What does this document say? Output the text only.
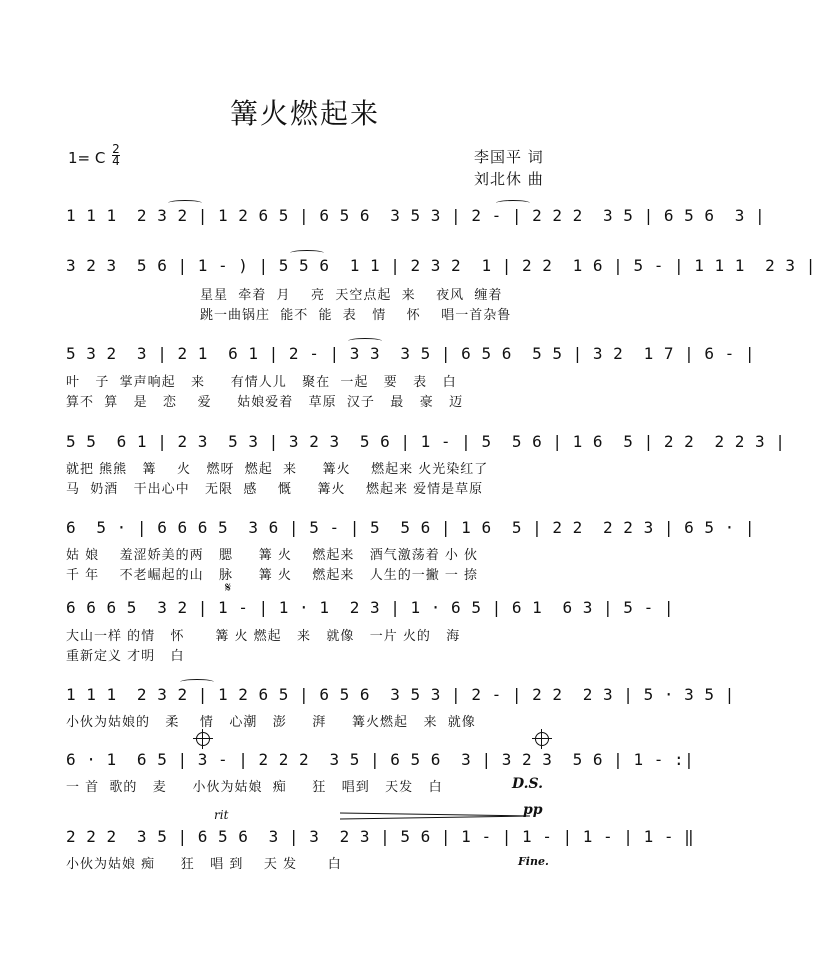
篝火燃起来
1= C 2
4	李国平 词
刘北休 曲
1 1 1  2 3 2 | 1 2 6 5 | 6 5 6  3 5 3 | 2 - | 2 2 2  3 5 | 6 5 6  3 |
3 2 3  5 6 | 1 - ) | 5 5 6  1 1 | 2 3 2  1 | 2 2  1 6 | 5 - | 1 1 1  2 3 |
星星  牵着  月    亮  天空点起  来    夜风  缠着
跳一曲锅庄  能不  能  表   情    怀    唱一首杂鲁
5 3 2  3 | 2 1  6 1 | 2 - | 3 3  3 5 | 6 5 6  5 5 | 3 2  1 7 | 6 - |
叶   子  掌声响起   来     有情人儿   聚在  一起   要   表   白
算不  算   是   恋    爱     姑娘爱着   草原  汉子   最   豪   迈
5 5  6 1 | 2 3  5 3 | 3 2 3  5 6 | 1 - | 5  5 6 | 1 6  5 | 2 2  2 2 3 |
就把 熊熊   篝    火   燃呀  燃起  来     篝火    燃起来 火光染红了
马  奶酒   干出心中   无限  感    慨     篝火    燃起来 爱情是草原
6  5 · | 6 6 6 5  3 6 | 5 - | 5  5 6 | 1 6  5 | 2 2  2 2 3 | 6 5 · |
姑 娘    羞涩娇美的两   腮     篝 火    燃起来   酒气激荡着 小 伙
千 年    不老崛起的山   脉     篝 火    燃起来   人生的一撇 一 捺
𝄋
6 6 6 5  3 2 | 1 - | 1 · 1  2 3 | 1 · 6 5 | 6 1  6 3 | 5 - |
大山一样 的情   怀      篝 火 燃起   来   就像   一片 火的   海
重新定义 才明   白
1 1 1  2 3 2 | 1 2 6 5 | 6 5 6  3 5 3 | 2 - | 2 2  2 3 | 5 · 3 5 |
小伙为姑娘的   柔    情   心潮   澎     湃     篝火燃起   来  就像
6 · 1  6 5 | 3 - | 2 2 2  3 5 | 6 5 6  3 | 3 2 3  5 6 | 1 - :|
一 首  歌的   麦     小伙为姑娘  痴     狂   唱到   天发   白	D.S.
rit	pp
2 2 2  3 5 | 6 5 6  3 | 3  2 3 | 5 6 | 1 - | 1 - | 1 - | 1 - ‖
小伙为姑娘 痴     狂   唱 到    天 发      白	Fine.
